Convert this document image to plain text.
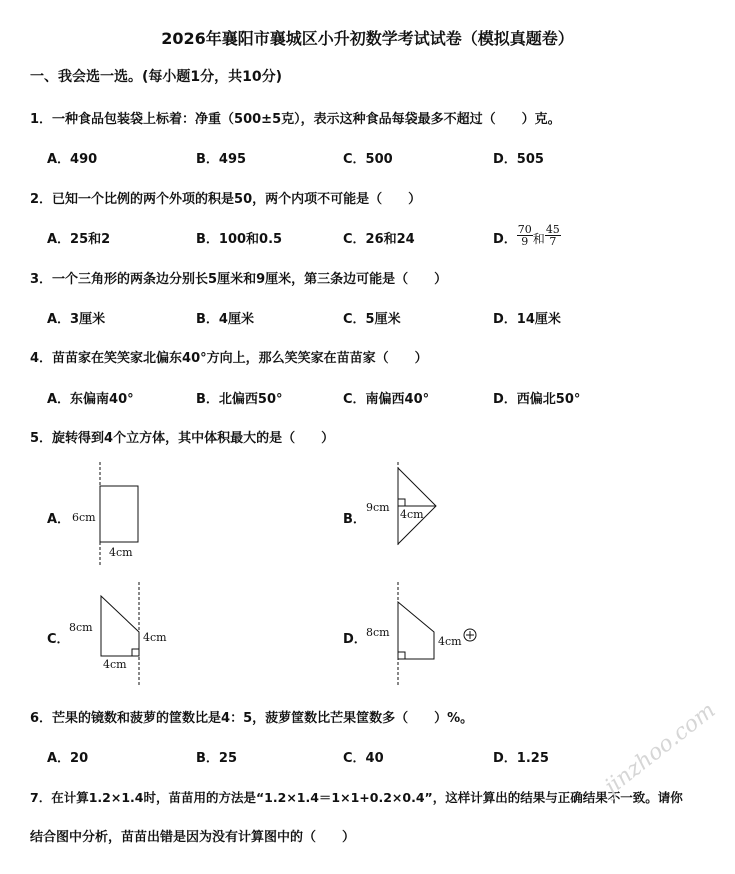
2026年襄阳市襄城区小升初数学考试试卷（模拟真题卷）
一、我会选一选。(每小题1分，共10分)
1．一种食品包装袋上标着：净重（500±5克），表示这种食品每袋最多不超过（　　）克。
A．490	B．495	C．500	D．505
2．已知一个比例的两个外项的积是50，两个内项不可能是（　　）
A．25和2	B．100和0.5	C．26和24	D． $\frac{70}{9}$ 和 $\frac{45}{7}$
3．一个三角形的两条边分别长5厘米和9厘米，第三条边可能是（　　）
A．3厘米	B．4厘米	C．5厘米	D．14厘米
4．苗苗家在笑笑家北偏东40°方向上，那么笑笑家在苗苗家（　　）
A．东偏南40°	B．北偏西50°	C．南偏西40°	D．西偏北50°
5．旋转得到4个立方体，其中体积最大的是（　　）
A． 6cm
4cm
B．
9cm
4cm
C．
8cm
4cm
4cm
D． 8cm
4cm
6．芒果的镜数和菠萝的筐数比是4：5，菠萝筐数比芒果筐数多（　　）%。
A．20	B．25	C．40	D．1.25
7．在计算1.2×1.4时，苗苗用的方法是“1.2×1.4＝1×1+0.2×0.4”，这样计算出的结果与正确结果不一致。请你
结合图中分析，苗苗出错是因为没有计算图中的（　　）
jinzhoo.com
